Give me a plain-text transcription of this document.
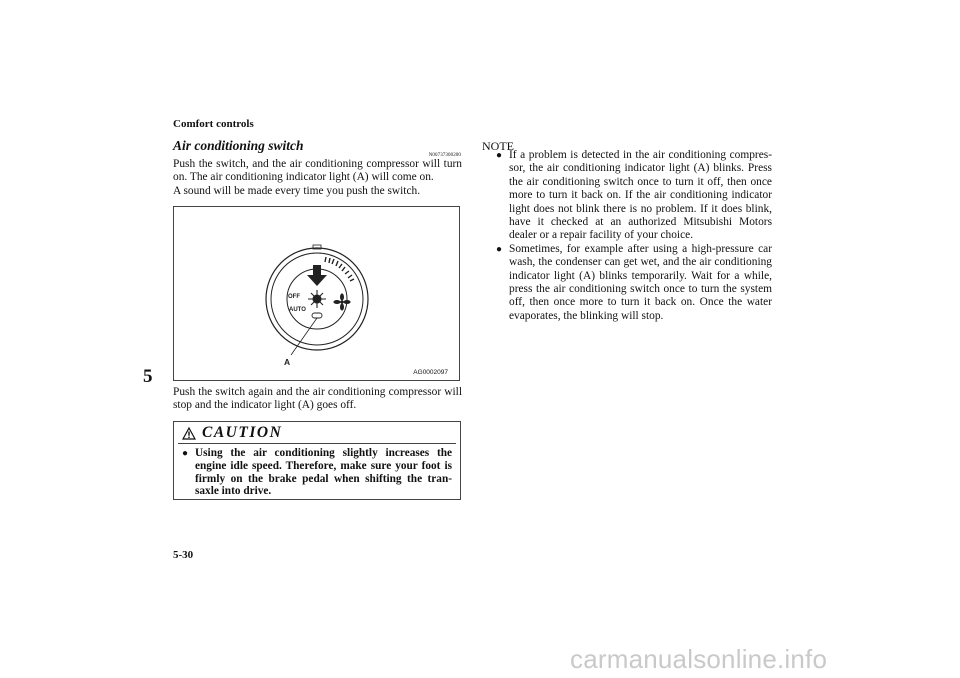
Comfort controls
5
Air conditioning switch
N00737300200

Push the switch, and the air conditioning compressor will turn on. The air conditioning indicator light (A) will come on.

A sound will be made every time you push the switch.

OFF
AUTO
A
AG0002097

Push the switch again and the air conditioning compressor will stop and the indicator light (A) goes off.

CAUTION
● Using the air conditioning slightly increases the engine idle speed. Therefore, make sure your foot is firmly on the brake pedal when shifting the tran-saxle into drive.
NOTE
● If a problem is detected in the air conditioning compres-sor, the air conditioning indicator light (A) blinks. Press the air conditioning switch once to turn it off, then once more to turn it back on. If the air conditioning indicator light does not blink there is no problem. If it does blink, have it checked at an authorized Mitsubishi Motors dealer or a repair facility of your choice.
● Sometimes, for example after using a high-pressure car wash, the condenser can get wet, and the air conditioning indicator light (A) blinks temporarily. Wait for a while, press the air conditioning switch once to turn the system off, then once more to turn it back on. Once the water evaporates, the blinking will stop.
5-30
carmanualsonline.info
